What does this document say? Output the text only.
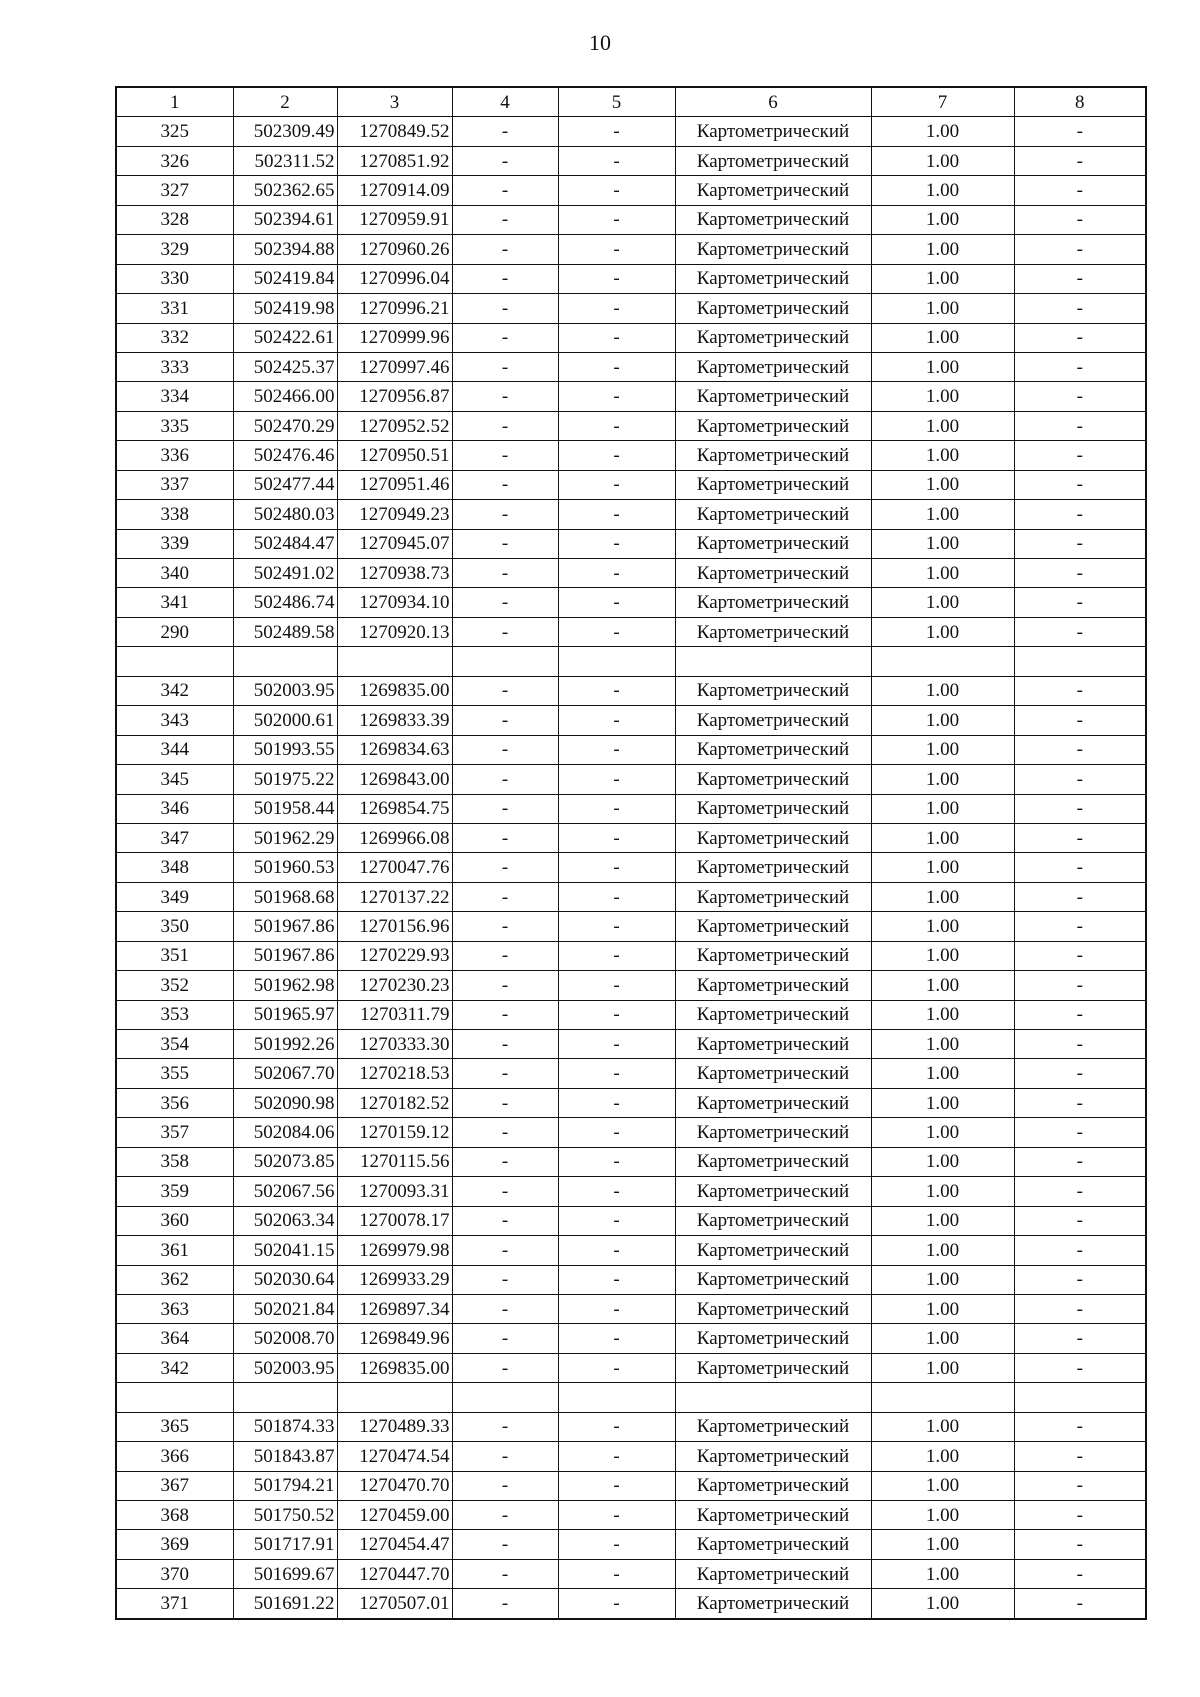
10
1	2	3	4	5	6	7	8
325	502309.49	1270849.52	-	-	Картометрический	1.00	-
326	502311.52	1270851.92	-	-	Картометрический	1.00	-
327	502362.65	1270914.09	-	-	Картометрический	1.00	-
328	502394.61	1270959.91	-	-	Картометрический	1.00	-
329	502394.88	1270960.26	-	-	Картометрический	1.00	-
330	502419.84	1270996.04	-	-	Картометрический	1.00	-
331	502419.98	1270996.21	-	-	Картометрический	1.00	-
332	502422.61	1270999.96	-	-	Картометрический	1.00	-
333	502425.37	1270997.46	-	-	Картометрический	1.00	-
334	502466.00	1270956.87	-	-	Картометрический	1.00	-
335	502470.29	1270952.52	-	-	Картометрический	1.00	-
336	502476.46	1270950.51	-	-	Картометрический	1.00	-
337	502477.44	1270951.46	-	-	Картометрический	1.00	-
338	502480.03	1270949.23	-	-	Картометрический	1.00	-
339	502484.47	1270945.07	-	-	Картометрический	1.00	-
340	502491.02	1270938.73	-	-	Картометрический	1.00	-
341	502486.74	1270934.10	-	-	Картометрический	1.00	-
290	502489.58	1270920.13	-	-	Картометрический	1.00	-

342	502003.95	1269835.00	-	-	Картометрический	1.00	-
343	502000.61	1269833.39	-	-	Картометрический	1.00	-
344	501993.55	1269834.63	-	-	Картометрический	1.00	-
345	501975.22	1269843.00	-	-	Картометрический	1.00	-
346	501958.44	1269854.75	-	-	Картометрический	1.00	-
347	501962.29	1269966.08	-	-	Картометрический	1.00	-
348	501960.53	1270047.76	-	-	Картометрический	1.00	-
349	501968.68	1270137.22	-	-	Картометрический	1.00	-
350	501967.86	1270156.96	-	-	Картометрический	1.00	-
351	501967.86	1270229.93	-	-	Картометрический	1.00	-
352	501962.98	1270230.23	-	-	Картометрический	1.00	-
353	501965.97	1270311.79	-	-	Картометрический	1.00	-
354	501992.26	1270333.30	-	-	Картометрический	1.00	-
355	502067.70	1270218.53	-	-	Картометрический	1.00	-
356	502090.98	1270182.52	-	-	Картометрический	1.00	-
357	502084.06	1270159.12	-	-	Картометрический	1.00	-
358	502073.85	1270115.56	-	-	Картометрический	1.00	-
359	502067.56	1270093.31	-	-	Картометрический	1.00	-
360	502063.34	1270078.17	-	-	Картометрический	1.00	-
361	502041.15	1269979.98	-	-	Картометрический	1.00	-
362	502030.64	1269933.29	-	-	Картометрический	1.00	-
363	502021.84	1269897.34	-	-	Картометрический	1.00	-
364	502008.70	1269849.96	-	-	Картометрический	1.00	-
342	502003.95	1269835.00	-	-	Картометрический	1.00	-

365	501874.33	1270489.33	-	-	Картометрический	1.00	-
366	501843.87	1270474.54	-	-	Картометрический	1.00	-
367	501794.21	1270470.70	-	-	Картометрический	1.00	-
368	501750.52	1270459.00	-	-	Картометрический	1.00	-
369	501717.91	1270454.47	-	-	Картометрический	1.00	-
370	501699.67	1270447.70	-	-	Картометрический	1.00	-
371	501691.22	1270507.01	-	-	Картометрический	1.00	-
